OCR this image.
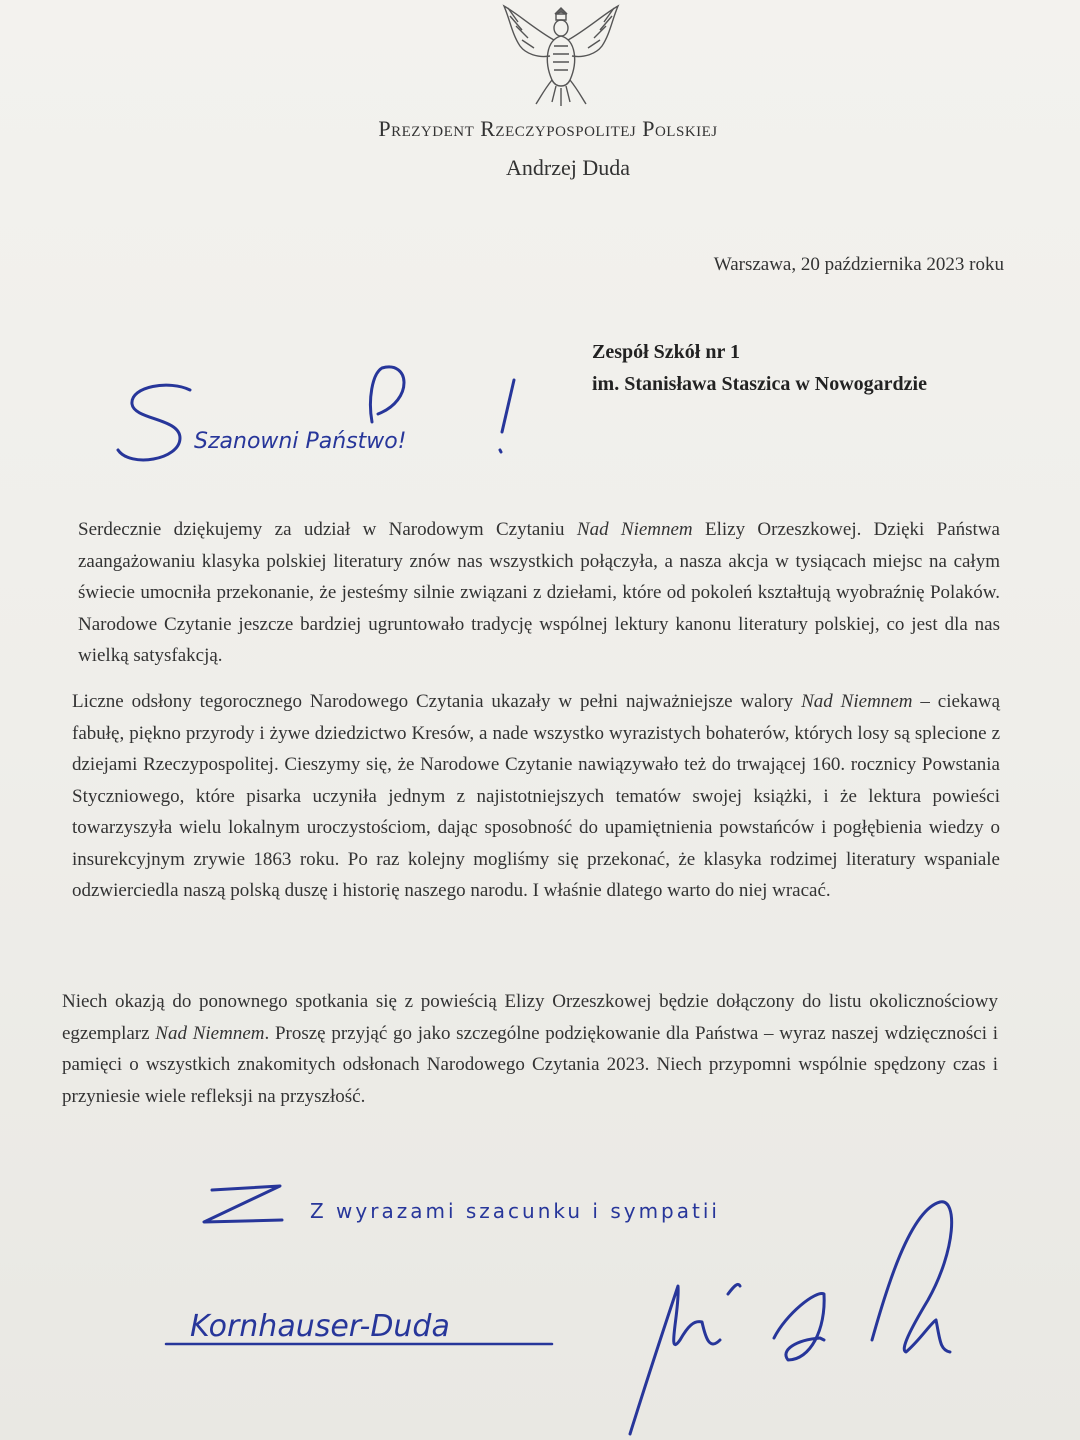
Prezydent Rzeczypospolitej Polskiej
Andrzej Duda
Warszawa, 20 października 2023 roku
Zespół Szkół nr 1
im. Stanisława Staszica w Nowogardzie
Szanowni Państwo!

Serdecznie dziękujemy za udział w Narodowym Czytaniu Nad Niemnem Elizy Orzeszkowej. Dzięki Państwa zaangażowaniu klasyka polskiej literatury znów nas wszystkich połączyła, a nasza akcja w tysiącach miejsc na całym świecie umocniła przekonanie, że jesteśmy silnie związani z dziełami, które od pokoleń kształtują wyobraźnię Polaków. Narodowe Czytanie jeszcze bardziej ugruntowało tradycję wspólnej lektury kanonu literatury polskiej, co jest dla nas wielką satysfakcją.

Liczne odsłony tegorocznego Narodowego Czytania ukazały w pełni najważniejsze walory Nad Niemnem – ciekawą fabułę, piękno przyrody i żywe dziedzictwo Kresów, a nade wszystko wyrazistych bohaterów, których losy są splecione z dziejami Rzeczypospolitej. Cieszymy się, że Narodowe Czytanie nawiązywało też do trwającej 160. rocznicy Powstania Styczniowego, które pisarka uczyniła jednym z najistotniejszych tematów swojej książki, i że lektura powieści towarzyszyła wielu lokalnym uroczystościom, dając sposobność do upamiętnienia powstańców i pogłębienia wiedzy o insurekcyjnym zrywie 1863 roku. Po raz kolejny mogliśmy się przekonać, że klasyka rodzimej literatury wspaniale odzwierciedla naszą polską duszę i historię naszego narodu. I właśnie dlatego warto do niej wracać.

Niech okazją do ponownego spotkania się z powieścią Elizy Orzeszkowej będzie dołączony do listu okolicznościowy egzemplarz Nad Niemnem. Proszę przyjąć go jako szczególne podziękowanie dla Państwa – wyraz naszej wdzięczności i pamięci o wszystkich znakomitych odsłonach Narodowego Czytania 2023. Niech przypomni wspólnie spędzony czas i przyniesie wiele refleksji na przyszłość.

Z wyrazami szacunku i sympatii
Kornhauser-Duda
